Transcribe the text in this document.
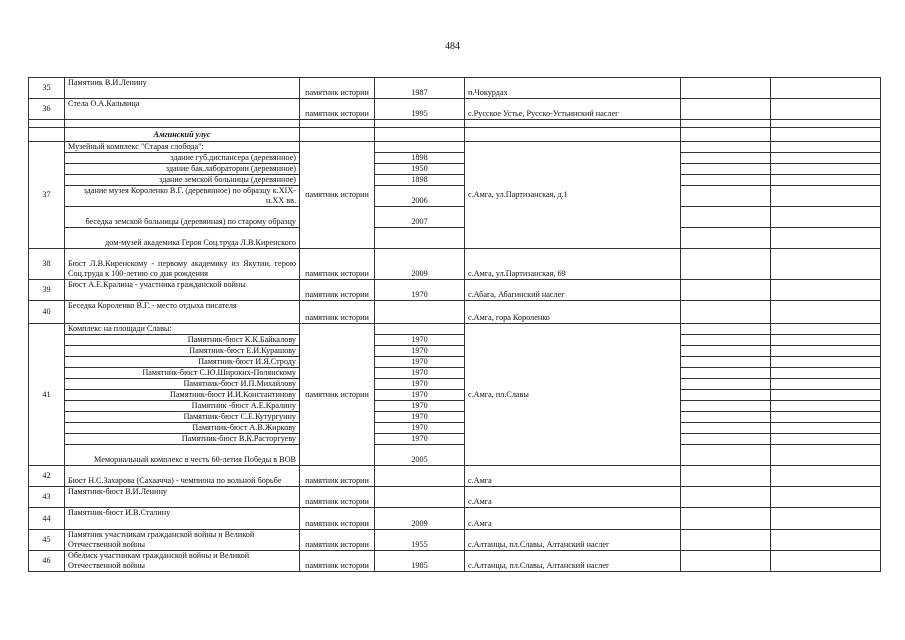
484
35	Памятник В.И.Ленину	памятник истории	1987	п.Чокурдах		
36	Стела О.А.Кальвица	памятник истории	1995	с.Русское Устье, Русско-Устьинский наслег		

	Амгинский улус					
37	Музейный комплекс "Старая слобода":	памятник истории		с.Амга, ул.Партизанская, д.1		
	здание губ.диспансера (деревянное)		1898			
	здание бак.лаборатории (деревянное)		1950			
	здание земской больницы (деревянное)		1898			
	здание музея Короленко В.Г. (деревянное) по образцу к.XIX-н.XX вв.		2006			
	беседка земской больницы (деревянная) по старому образцу		2007			
	дом-музей академика Героя Соц.труда Л.В.Киренского					
38	Бюст Л.В.Киренскому - первому академику из Якутии, герою Соц.труда к 100-летию со дня рождения	памятник истории	2009	с.Амга, ул.Партизанская, 69		
39	Бюст А.Е.Кралина - участника гражданской войны	памятник истории	1970	с.Абага, Абагинский наслег		
40	Беседка Короленко В.Г. - место отдыха писателя	памятник истории		с.Амга, гора Короленко		
41	Комплекс на площади Славы:	памятник истории		с.Амга, пл.Славы		
	Памятник-бюст К.К.Байкалову		1970			
	Памятник-бюст Е.И.Курашову		1970			
	Памятник-бюст И.Я.Строду		1970			
	Памятник-бюст С.Ю.Широких-Полянскому		1970			
	Памятник-бюст И.П.Михайлову		1970			
	Памятник-бюст И.И.Константинову		1970			
	Памятник -бюст А.Е.Кралину		1970			
	Памятник-бюст С.Е.Кутургуину		1970			
	Памятник-бюст А.В.Жиркову		1970			
	Памятник-бюст В.К.Расторгуеву		1970			
	Мемориальный комплекс в честь 60-летия Победы в ВОВ		2005			
42	Бюст Н.С.Захарова (Сахаачча) - чемпиона по вольной борьбе	памятник истории		с.Амга		
43	Памятник-бюст В.И.Ленину	памятник истории		с.Амга		
44	Памятник-бюст И.В.Сталину	памятник истории	2009	с.Амга		
45	Памятник участникам гражданской войны и Великой Отечественной войны	памятник истории	1955	с.Алтанцы, пл.Славы, Алтанский наслег		
46	Обелиск участникам гражданской войны и Великой Отечественной войны	памятник истории	1985	с.Алтанцы, пл.Славы, Алтанский наслег		
